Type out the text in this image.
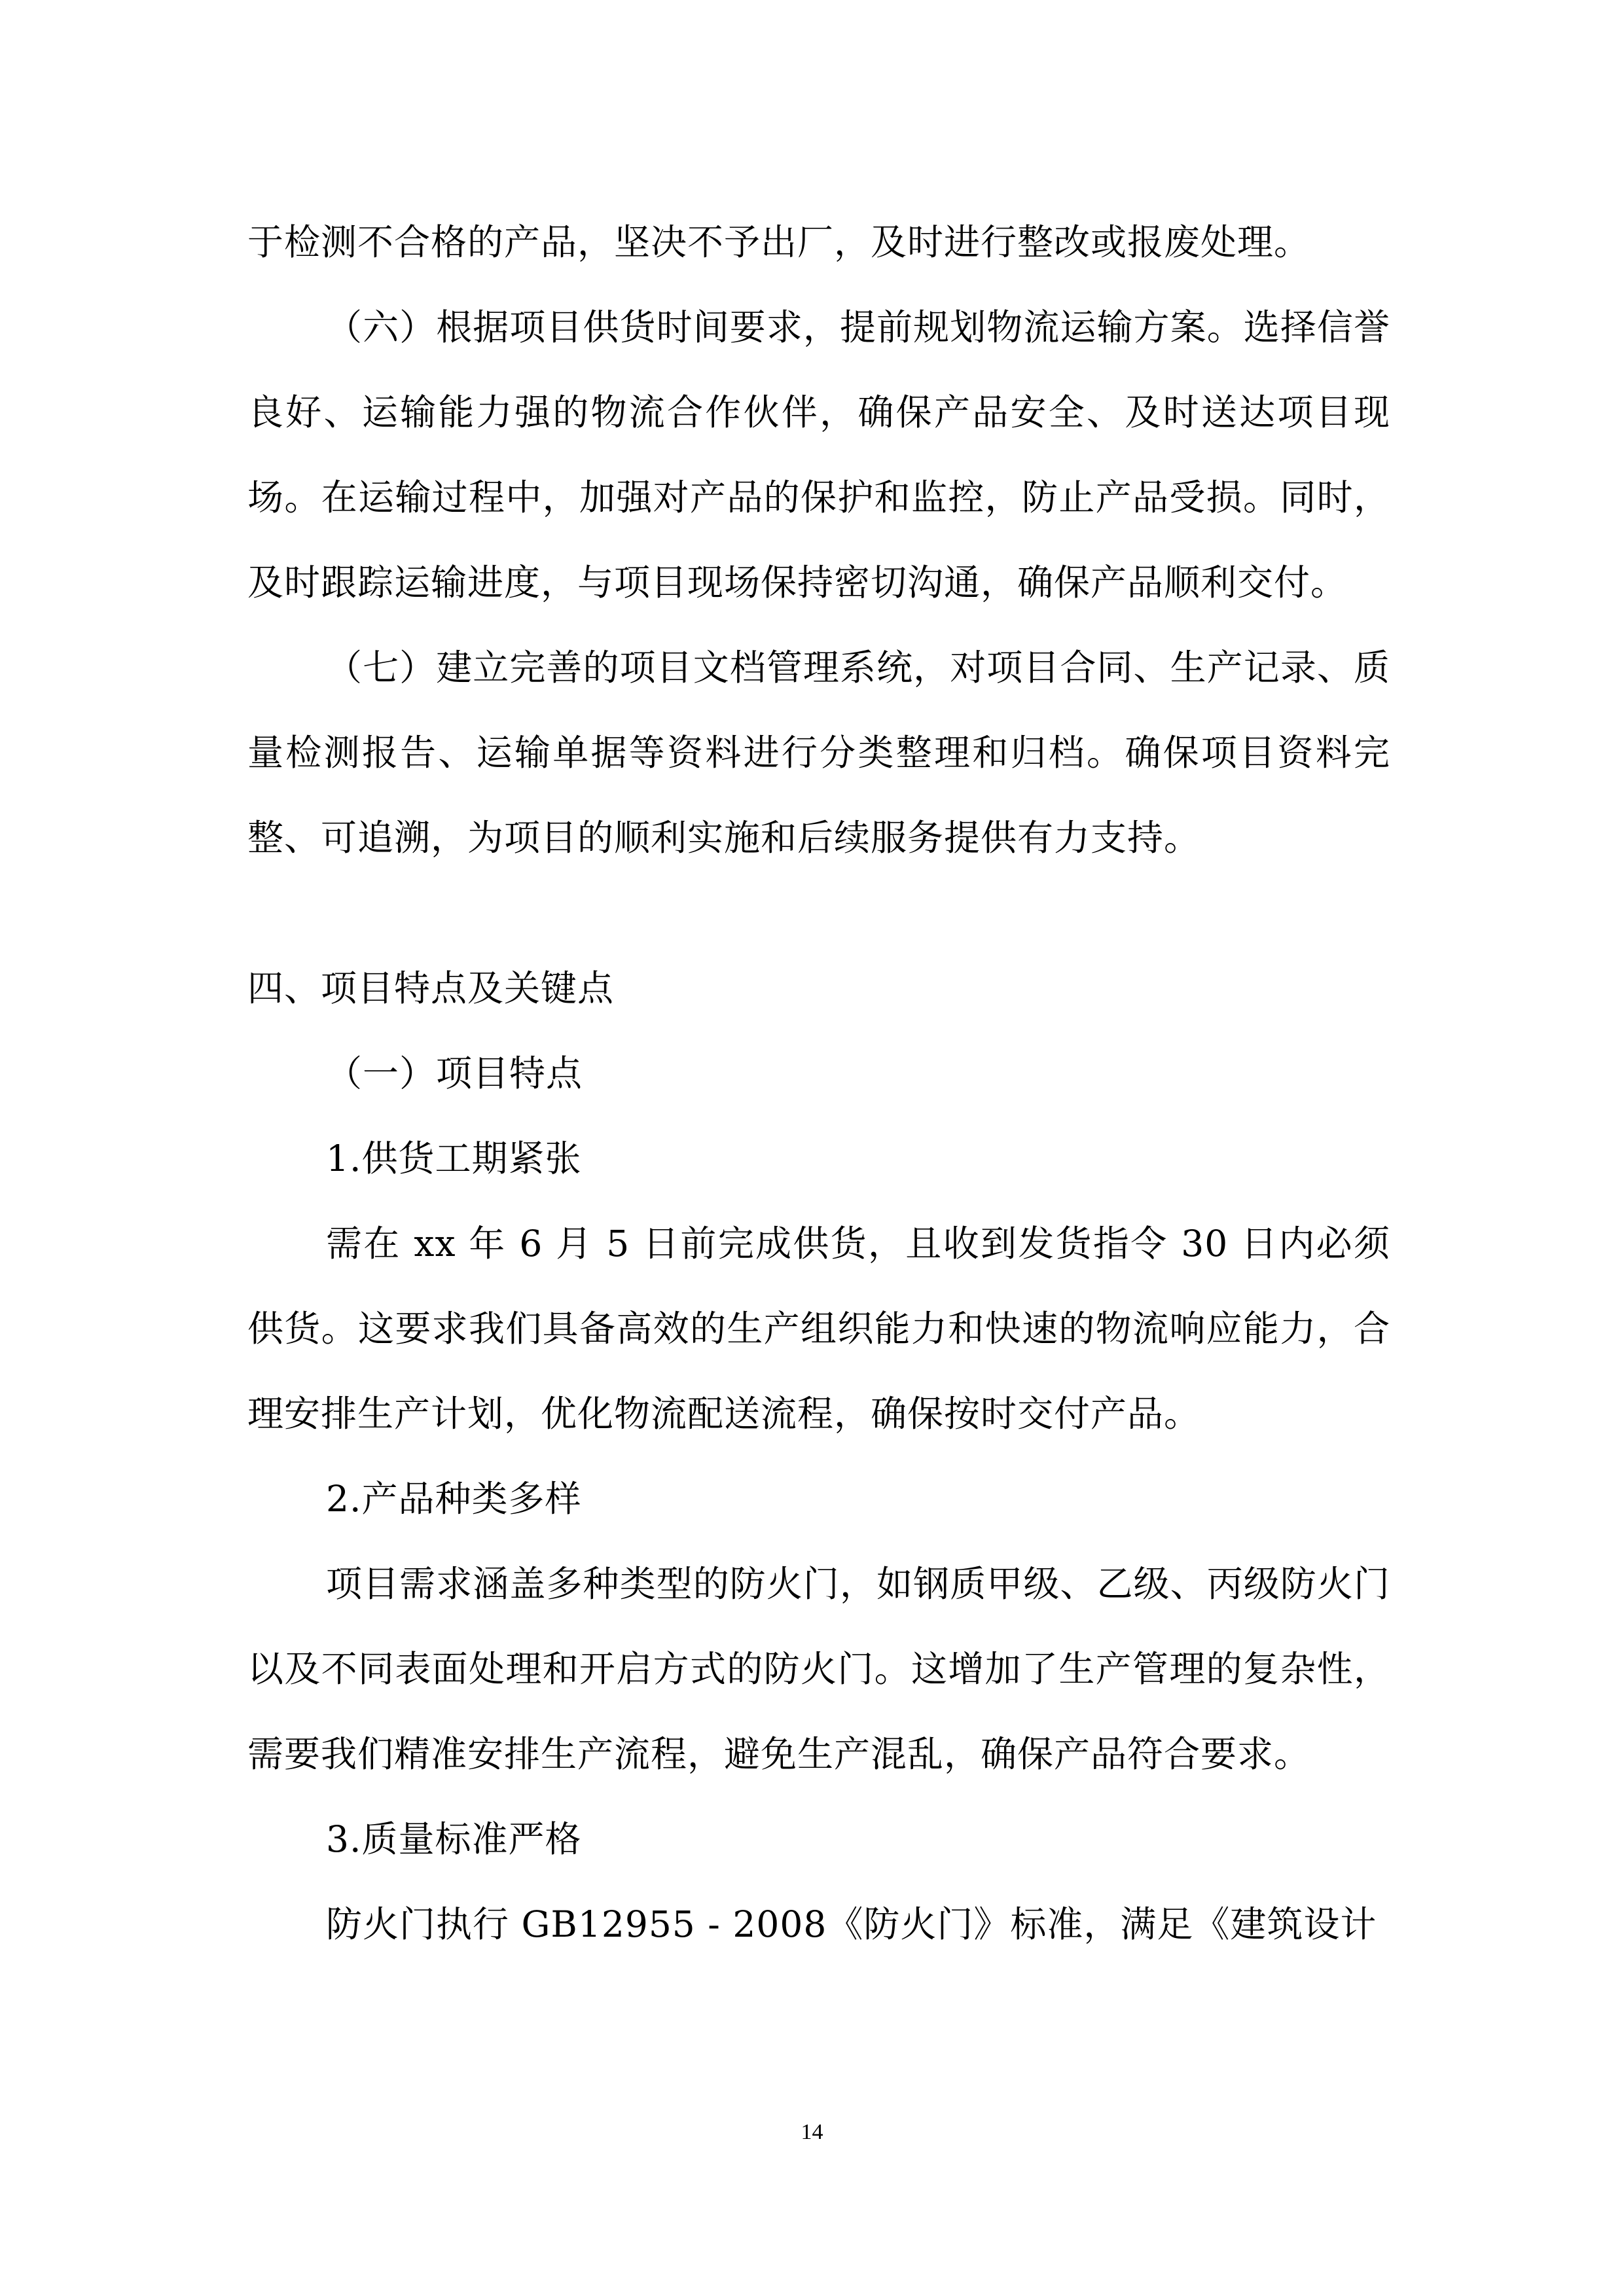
于检测不合格的产品，坚决不予出厂，及时进行整改或报废处理。

（六）根据项目供货时间要求，提前规划物流运输方案。选择信誉良好、运输能力强的物流合作伙伴，确保产品安全、及时送达项目现场。在运输过程中，加强对产品的保护和监控，防止产品受损。同时，及时跟踪运输进度，与项目现场保持密切沟通，确保产品顺利交付。

（七）建立完善的项目文档管理系统，对项目合同、生产记录、质量检测报告、运输单据等资料进行分类整理和归档。确保项目资料完整、可追溯，为项目的顺利实施和后续服务提供有力支持。

四、项目特点及关键点

（一）项目特点

1.供货工期紧张

需在 xx 年 6 月 5 日前完成供货，且收到发货指令 30 日内必须供货。这要求我们具备高效的生产组织能力和快速的物流响应能力，合理安排生产计划，优化物流配送流程，确保按时交付产品。

2.产品种类多样

项目需求涵盖多种类型的防火门，如钢质甲级、乙级、丙级防火门以及不同表面处理和开启方式的防火门。这增加了生产管理的复杂性，需要我们精准安排生产流程，避免生产混乱，确保产品符合要求。

3.质量标准严格

防火门执行 GB12955 - 2008《防火门》标准，满足《建筑设计

14
